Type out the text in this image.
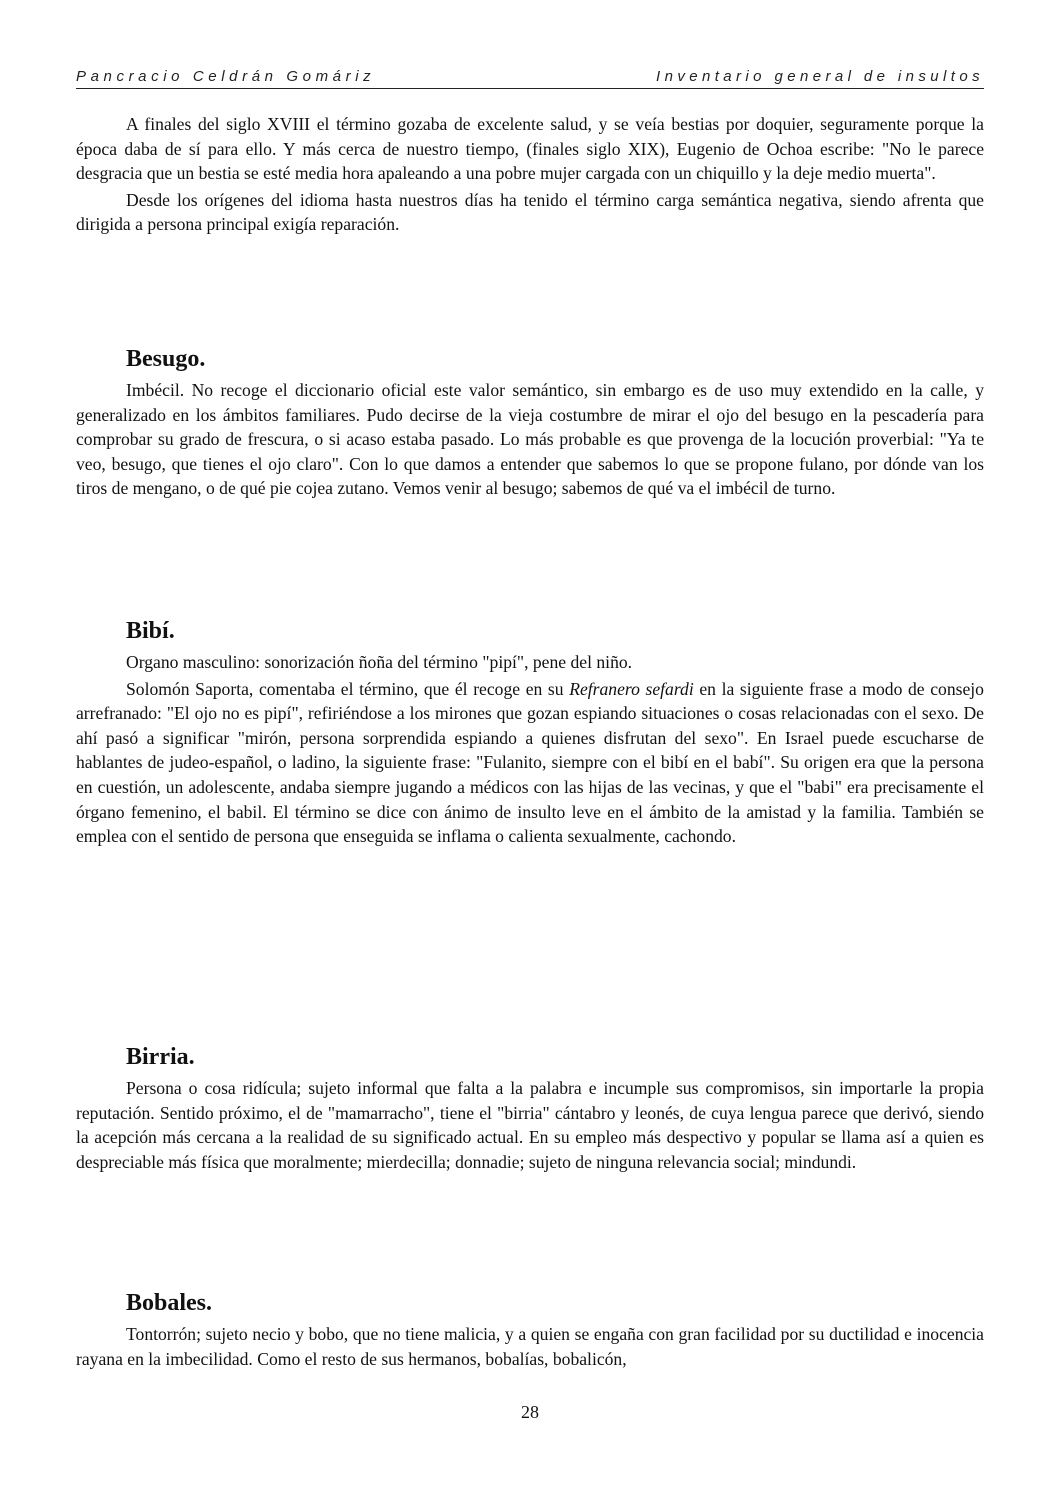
Pancracio Celdrán Gomáriz	Inventario general de insultos

A finales del siglo XVIII el término gozaba de excelente salud, y se veía bestias por doquier, seguramente porque la época daba de sí para ello. Y más cerca de nuestro tiempo, (finales siglo XIX), Eugenio de Ochoa escribe: "No le parece desgracia que un bestia se esté media hora apaleando a una pobre mujer cargada con un chiquillo y la deje medio muerta".

Desde los orígenes del idioma hasta nuestros días ha tenido el término carga semántica negativa, siendo afrenta que dirigida a persona principal exigía reparación.

Besugo.

Imbécil. No recoge el diccionario oficial este valor semántico, sin embargo es de uso muy extendido en la calle, y generalizado en los ámbitos familiares. Pudo decirse de la vieja costumbre de mirar el ojo del besugo en la pescadería para comprobar su grado de frescura, o si acaso estaba pasado. Lo más probable es que provenga de la locución proverbial: "Ya te veo, besugo, que tienes el ojo claro". Con lo que damos a entender que sabemos lo que se propone fulano, por dónde van los tiros de mengano, o de qué pie cojea zutano. Vemos venir al besugo; sabemos de qué va el imbécil de turno.

Bibí.

Organo masculino: sonorización ñoña del término "pipí", pene del niño.

Solomón Saporta, comentaba el término, que él recoge en su Refranero sefardi en la siguiente frase a modo de consejo arrefranado: "El ojo no es pipí", refiriéndose a los mirones que gozan espiando situaciones o cosas relacionadas con el sexo. De ahí pasó a significar "mirón, persona sorprendida espiando a quienes disfrutan del sexo". En Israel puede escucharse de hablantes de judeo-español, o ladino, la siguiente frase: "Fulanito, siempre con el bibí en el babí". Su origen era que la persona en cuestión, un adolescente, andaba siempre jugando a médicos con las hijas de las vecinas, y que el "babi" era precisamente el órgano femenino, el babil. El término se dice con ánimo de insulto leve en el ámbito de la amistad y la familia. También se emplea con el sentido de persona que enseguida se inflama o calienta sexualmente, cachondo.

Birria.

Persona o cosa ridícula; sujeto informal que falta a la palabra e incumple sus compromisos, sin importarle la propia reputación. Sentido próximo, el de "mamarracho", tiene el "birria" cántabro y leonés, de cuya lengua parece que derivó, siendo la acepción más cercana a la realidad de su significado actual. En su empleo más despectivo y popular se llama así a quien es despreciable más física que moralmente; mierdecilla; donnadie; sujeto de ninguna relevancia social; mindundi.

Bobales.

Tontorrón; sujeto necio y bobo, que no tiene malicia, y a quien se engaña con gran facilidad por su ductilidad e inocencia rayana en la imbecilidad. Como el resto de sus hermanos, bobalías, bobalicón,

28
